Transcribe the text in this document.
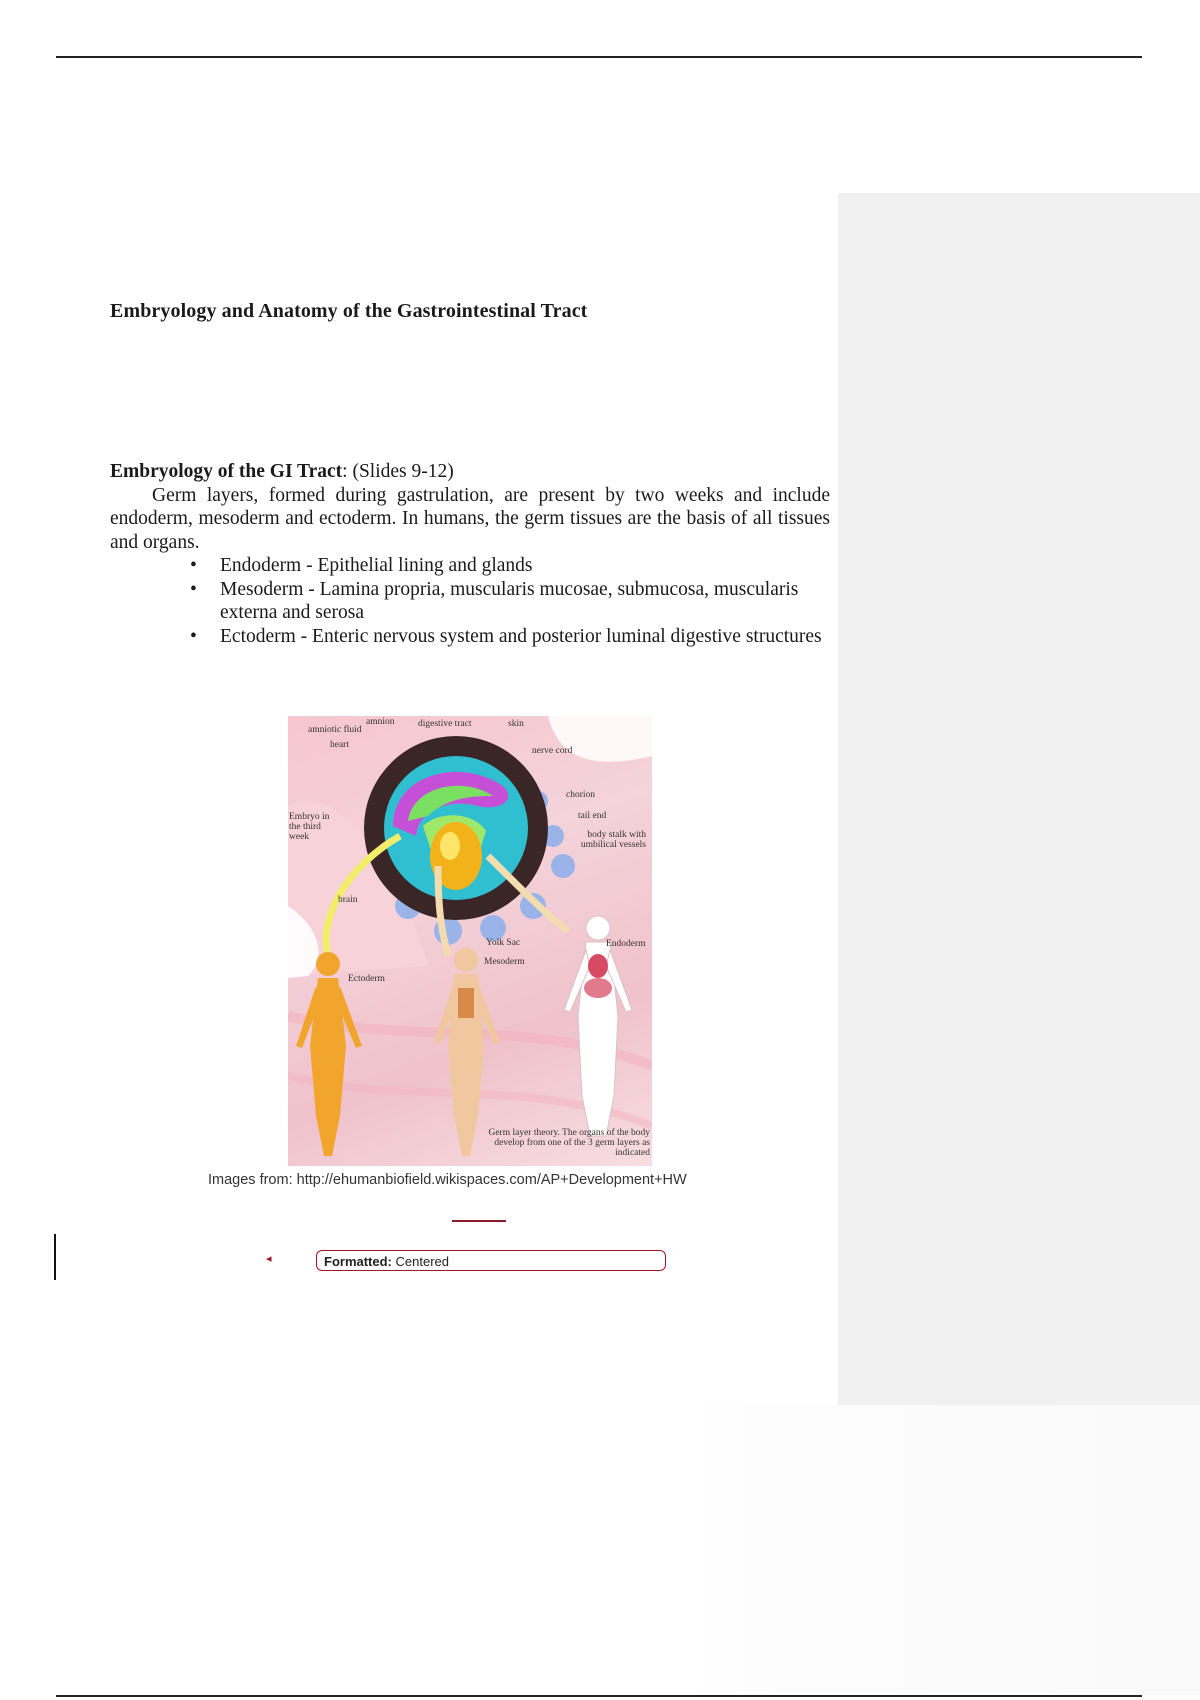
Embryology and Anatomy of the Gastrointestinal Tract

Embryology of the GI Tract: (Slides 9-12)

Germ layers, formed during gastrulation, are present by two weeks and include endoderm, mesoderm and ectoderm. In humans, the germ tissues are the basis of all tissues and organs.

• Endoderm - Epithelial lining and glands
• Mesoderm - Lamina propria, muscularis mucosae, submucosa, muscularis externa and serosa
• Ectoderm - Enteric nervous system and posterior luminal digestive structures
amnion
amniotic fluid
digestive tract	skin
heart
nerve cord
chorion
tail end
body stalk with umbilical vessels
Embryo in the third week
brain
Yolk Sac	Endoderm
Mesoderm
Ectoderm
Germ layer theory. The organs of the body develop from one of the 3 germ layers as indicated
Images from: http://ehumanbiofield.wikispaces.com/AP+Development+HW
◂	Formatted: Centered
